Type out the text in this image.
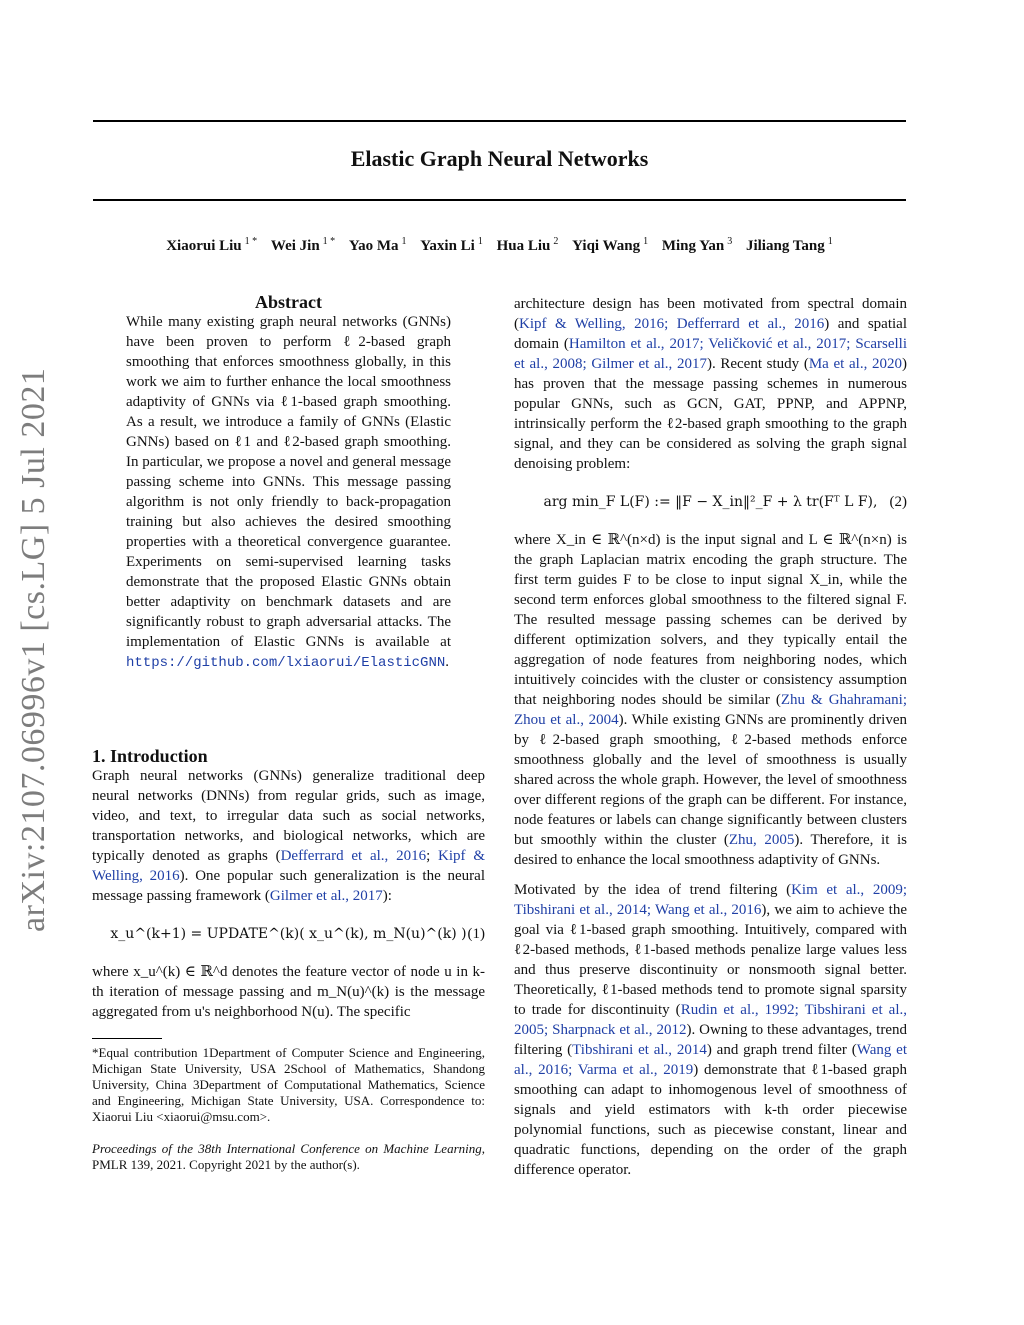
Elastic Graph Neural Networks
Xiaorui Liu $^{1 *}$ Wei Jin $^{1 *}$ Yao Ma $^1$ Yaxin Li $^1$ Hua Liu $^2$ Yiqi Wang $^1$ Ming Yan $^3$ Jiliang Tang $^1$
arXiv:2107.06996v1 [cs.LG] 5 Jul 2021

Abstract

While many existing graph neural networks (GNNs) have been proven to perform ℓ2-based graph smoothing that enforces smoothness globally, in this work we aim to further enhance the local smoothness adaptivity of GNNs via ℓ1-based graph smoothing. As a result, we introduce a family of GNNs (Elastic GNNs) based on ℓ1 and ℓ2-based graph smoothing. In particular, we propose a novel and general message passing scheme into GNNs. This message passing algorithm is not only friendly to back-propagation training but also achieves the desired smoothing properties with a theoretical convergence guarantee. Experiments on semi-supervised learning tasks demonstrate that the proposed Elastic GNNs obtain better adaptivity on benchmark datasets and are significantly robust to graph adversarial attacks. The implementation of Elastic GNNs is available at https://github.com/lxiaorui/ElasticGNN.

1. Introduction

Graph neural networks (GNNs) generalize traditional deep neural networks (DNNs) from regular grids, such as image, video, and text, to irregular data such as social networks, transportation networks, and biological networks, which are typically denoted as graphs (Defferrard et al., 2016; Kipf & Welling, 2016). One popular such generalization is the neural message passing framework (Gilmer et al., 2017):

x_u^(k+1) = UPDATE^(k)( x_u^(k), m_N(u)^(k) ) (1)

where x_u^(k) ∈ ℝ^d denotes the feature vector of node u in k-th iteration of message passing and m_N(u)^(k) is the message aggregated from u's neighborhood N(u). The specific

*Equal contribution 1Department of Computer Science and Engineering, Michigan State University, USA 2School of Mathematics, Shandong University, China 3Department of Computational Mathematics, Science and Engineering, Michigan State University, USA. Correspondence to: Xiaorui Liu <xiaorui@msu.com>.

Proceedings of the 38th International Conference on Machine Learning, PMLR 139, 2021. Copyright 2021 by the author(s).

architecture design has been motivated from spectral domain (Kipf & Welling, 2016; Defferrard et al., 2016) and spatial domain (Hamilton et al., 2017; Veličković et al., 2017; Scarselli et al., 2008; Gilmer et al., 2017). Recent study (Ma et al., 2020) has proven that the message passing schemes in numerous popular GNNs, such as GCN, GAT, PPNP, and APPNP, intrinsically perform the ℓ2-based graph smoothing to the graph signal, and they can be considered as solving the graph signal denoising problem:

arg min_F L(F) := ‖F − X_in‖²_F + λ tr(Fᵀ L F), (2)

where X_in ∈ ℝ^(n×d) is the input signal and L ∈ ℝ^(n×n) is the graph Laplacian matrix encoding the graph structure. The first term guides F to be close to input signal X_in, while the second term enforces global smoothness to the filtered signal F. The resulted message passing schemes can be derived by different optimization solvers, and they typically entail the aggregation of node features from neighboring nodes, which intuitively coincides with the cluster or consistency assumption that neighboring nodes should be similar (Zhu & Ghahramani; Zhou et al., 2004). While existing GNNs are prominently driven by ℓ2-based graph smoothing, ℓ2-based methods enforce smoothness globally and the level of smoothness is usually shared across the whole graph. However, the level of smoothness over different regions of the graph can be different. For instance, node features or labels can change significantly between clusters but smoothly within the cluster (Zhu, 2005). Therefore, it is desired to enhance the local smoothness adaptivity of GNNs.

Motivated by the idea of trend filtering (Kim et al., 2009; Tibshirani et al., 2014; Wang et al., 2016), we aim to achieve the goal via ℓ1-based graph smoothing. Intuitively, compared with ℓ2-based methods, ℓ1-based methods penalize large values less and thus preserve discontinuity or nonsmooth signal better. Theoretically, ℓ1-based methods tend to promote signal sparsity to trade for discontinuity (Rudin et al., 1992; Tibshirani et al., 2005; Sharpnack et al., 2012). Owning to these advantages, trend filtering (Tibshirani et al., 2014) and graph trend filter (Wang et al., 2016; Varma et al., 2019) demonstrate that ℓ1-based graph smoothing can adapt to inhomogenous level of smoothness of signals and yield estimators with k-th order piecewise polynomial functions, such as piecewise constant, linear and quadratic functions, depending on the order of the graph difference operator.
